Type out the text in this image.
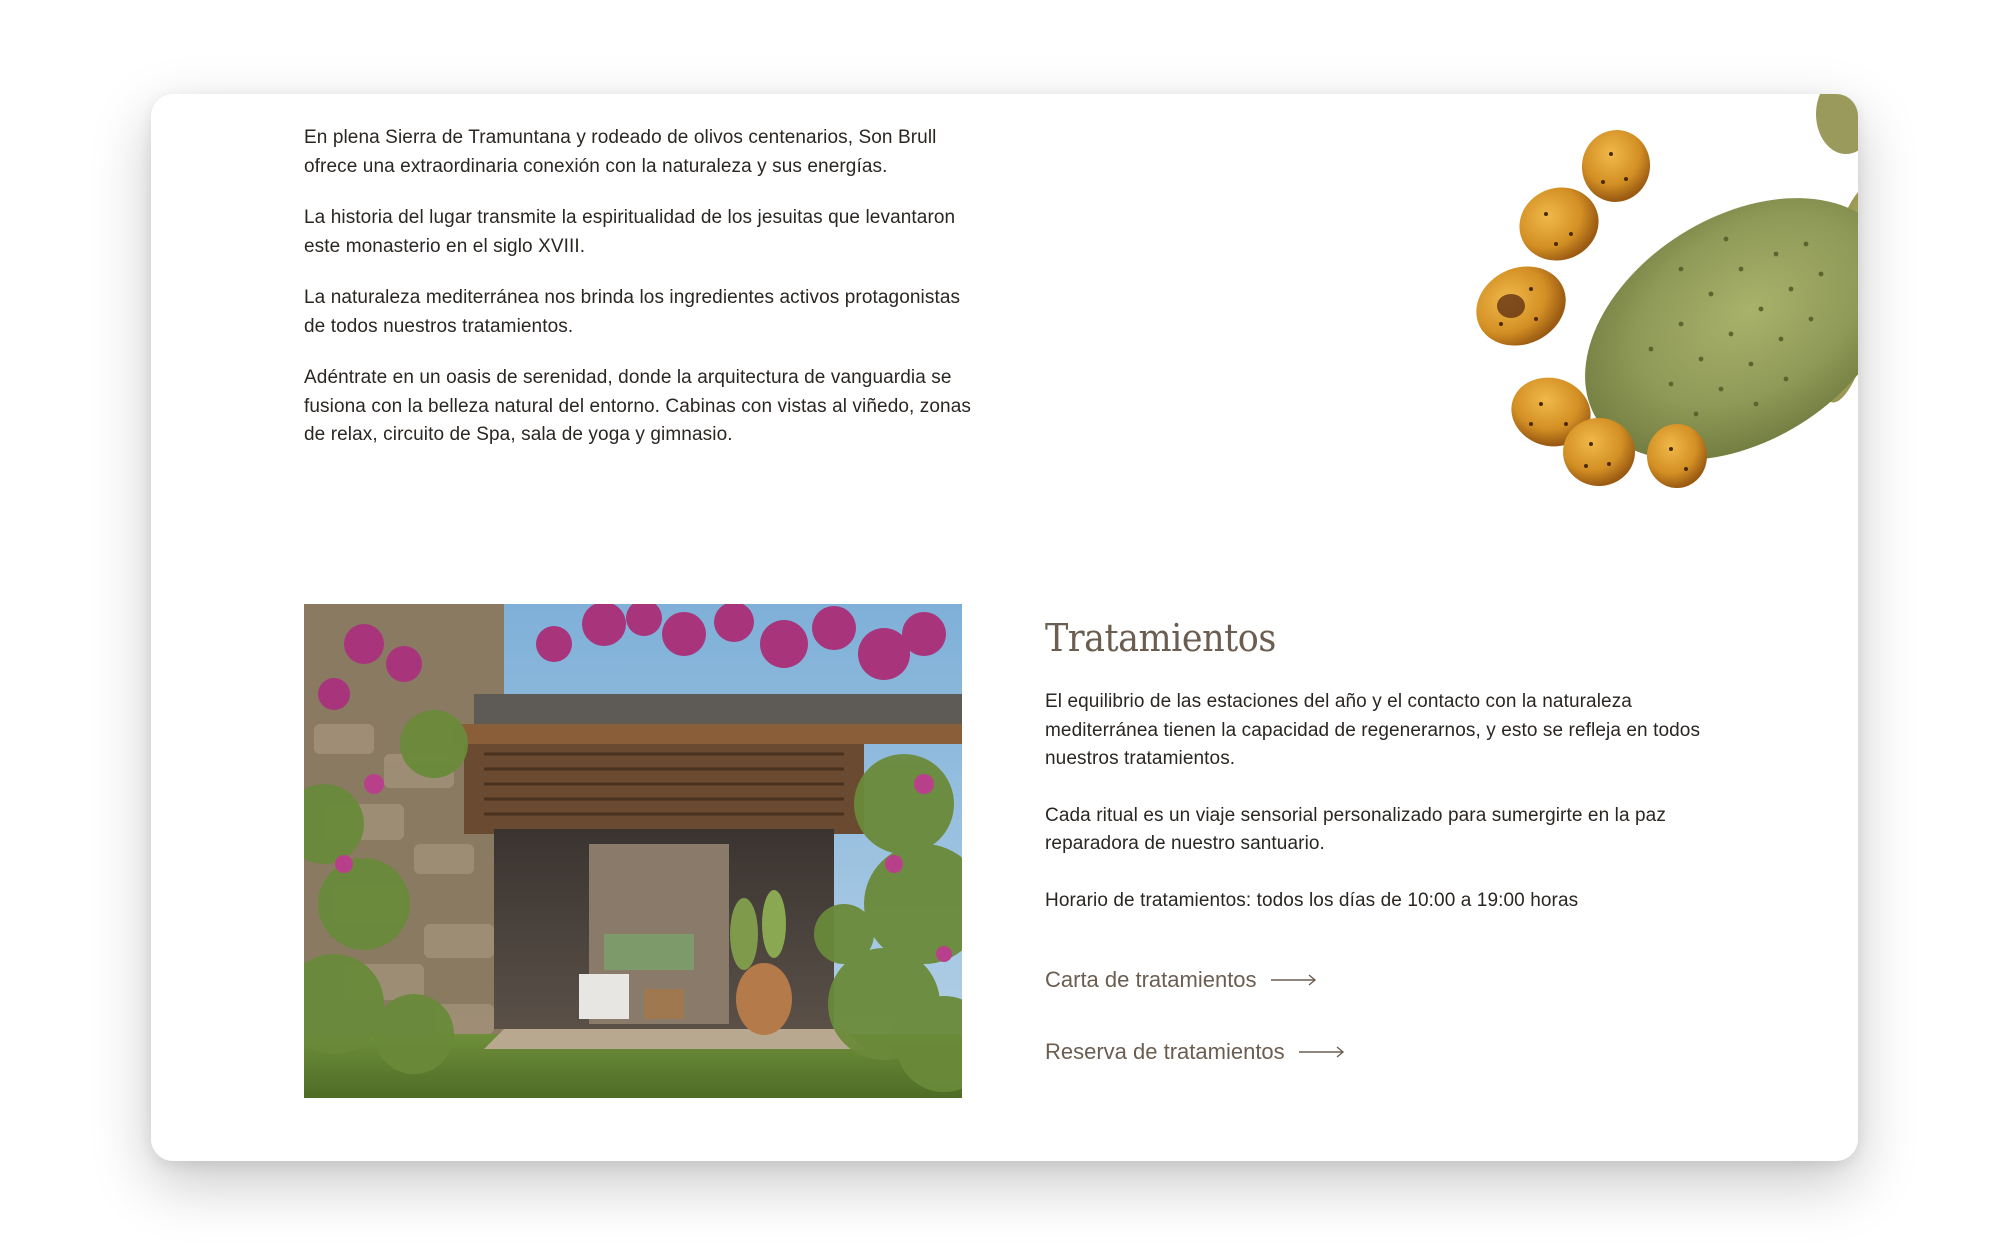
En plena Sierra de Tramuntana y rodeado de olivos centenarios, Son Brull ofrece una extraordinaria conexión con la naturaleza y sus energías.

La historia del lugar transmite la espiritualidad de los jesuitas que levantaron este monasterio en el siglo XVIII.

La naturaleza mediterránea nos brinda los ingredientes activos protagonistas de todos nuestros tratamientos.

Adéntrate en un oasis de serenidad, donde la arquitectura de vanguardia se fusiona con la belleza natural del entorno. Cabinas con vistas al viñedo, zonas de relax, circuito de Spa, sala de yoga y gimnasio.

Tratamientos

El equilibrio de las estaciones del año y el contacto con la naturaleza mediterránea tienen la capacidad de regenerarnos, y esto se refleja en todos nuestros tratamientos.

Cada ritual es un viaje sensorial personalizado para sumergirte en la paz reparadora de nuestro santuario.

Horario de tratamientos: todos los días de 10:00 a 19:00 horas

Carta de tratamientos
Reserva de tratamientos
